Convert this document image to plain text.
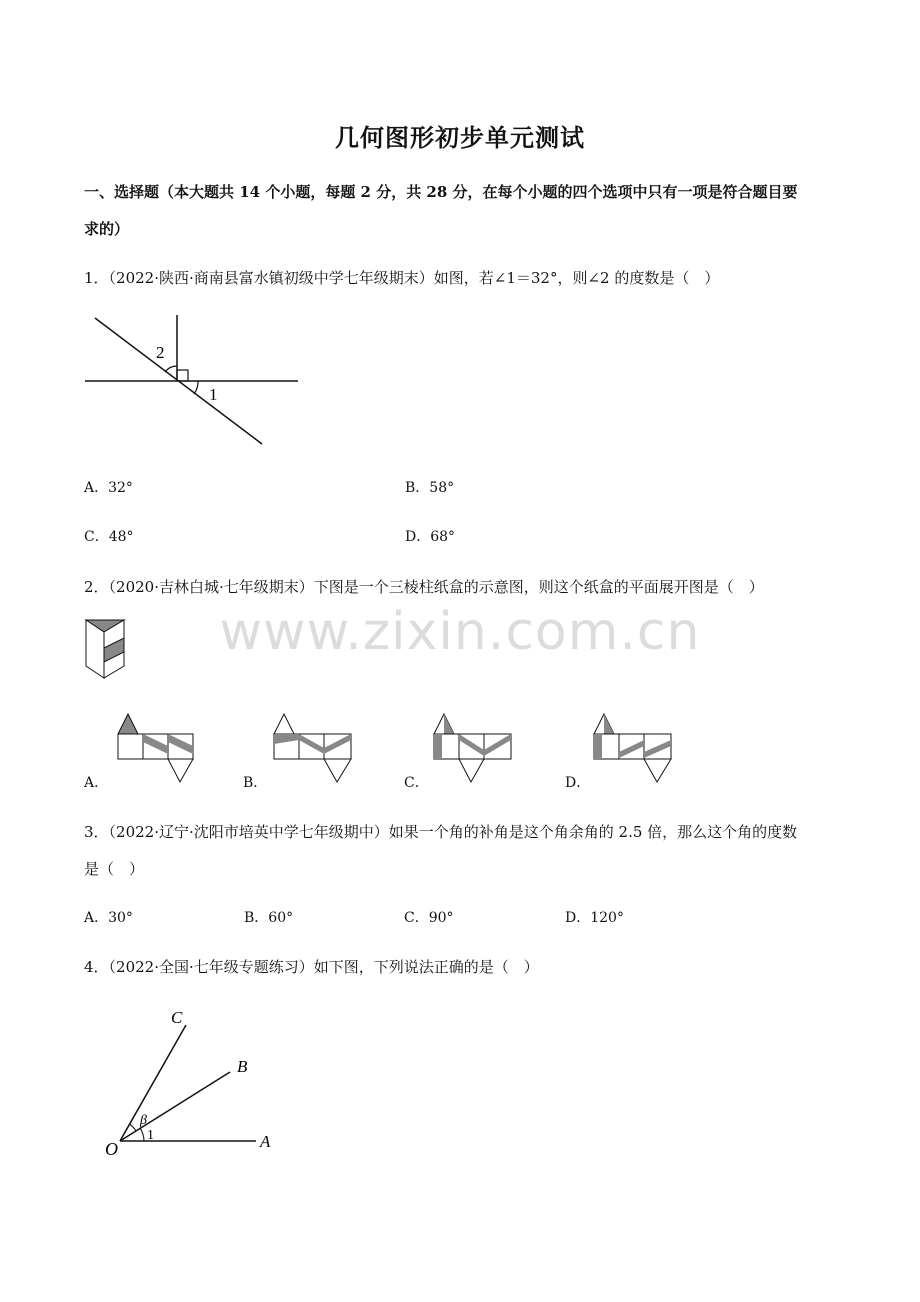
www.zixin.com.cn
几何图形初步单元测试
一、选择题（本大题共 14 个小题，每题 2 分，共 28 分，在每个小题的四个选项中只有一项是符合题目要
求的）
1．（2022·陕西·商南县富水镇初级中学七年级期末）如图，若∠1＝32°，则∠2 的度数是（　）
2
1
A．32°	B．58°
C．48°	D．68°
2．（2020·吉林白城·七年级期末）下图是一个三棱柱纸盒的示意图，则这个纸盒的平面展开图是（　）
A．	B．	C．	D．
3．（2022·辽宁·沈阳市培英中学七年级期中）如果一个角的补角是这个角余角的 2.5 倍，那么这个角的度数
是（　）
A．30°	B．60°	C．90°	D．120°
4．（2022·全国·七年级专题练习）如下图，下列说法正确的是（　）
C
B
A
O
β
1
